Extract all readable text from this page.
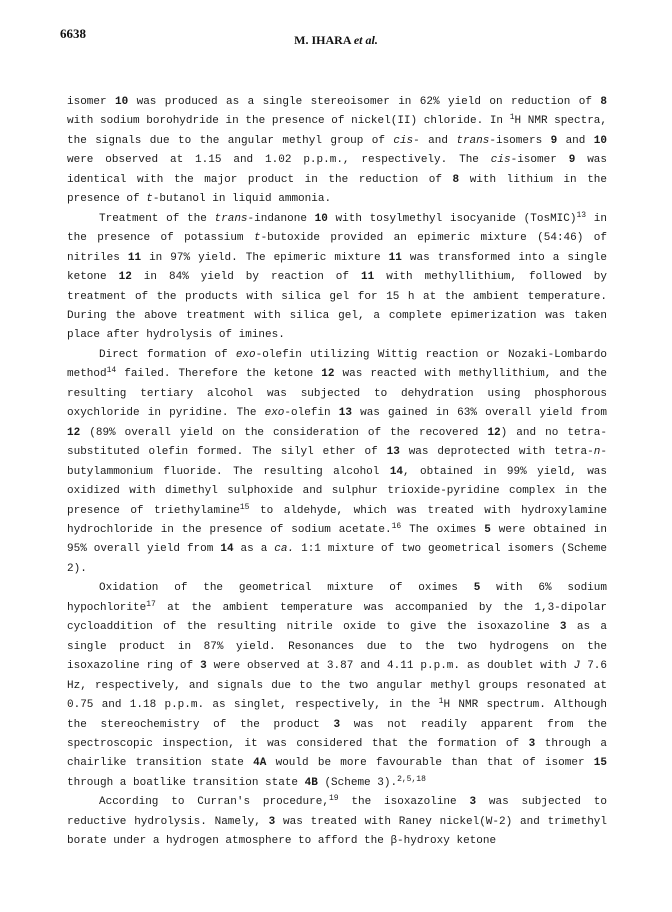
6638	M. IHARA et al.

isomer 10 was produced as a single stereoisomer in 62% yield on reduction of 8 with sodium borohydride in the presence of nickel(II) chloride. In $^1$H NMR spectra, the signals due to the angular methyl group of cis- and trans-isomers 9 and 10 were observed at 1.15 and 1.02 p.p.m., respectively. The cis-isomer 9 was identical with the major product in the reduction of 8 with lithium in the presence of t-butanol in liquid ammonia.

Treatment of the trans-indanone 10 with tosylmethyl isocyanide (TosMIC)$^{13}$ in the presence of potassium t-butoxide provided an epimeric mixture (54:46) of nitriles 11 in 97% yield. The epimeric mixture 11 was transformed into a single ketone 12 in 84% yield by reaction of 11 with methyllithium, followed by treatment of the products with silica gel for 15 h at the ambient temperature. During the above treatment with silica gel, a complete epimerization was taken place after hydrolysis of imines.

Direct formation of exo-olefin utilizing Wittig reaction or Nozaki-Lombardo method$^{14}$ failed. Therefore the ketone 12 was reacted with methyllithium, and the resulting tertiary alcohol was subjected to dehydration using phosphorous oxychloride in pyridine. The exo-olefin 13 was gained in 63% overall yield from 12 (89% overall yield on the consideration of the recovered 12) and no tetra-substituted olefin formed. The silyl ether of 13 was deprotected with tetra-n-butylammonium fluoride. The resulting alcohol 14, obtained in 99% yield, was oxidized with dimethyl sulphoxide and sulphur trioxide-pyridine complex in the presence of triethylamine$^{15}$ to aldehyde, which was treated with hydroxylamine hydrochloride in the presence of sodium acetate.$^{16}$ The oximes 5 were obtained in 95% overall yield from 14 as a ca. 1:1 mixture of two geometrical isomers (Scheme 2).

Oxidation of the geometrical mixture of oximes 5 with 6% sodium hypochlorite$^{17}$ at the ambient temperature was accompanied by the 1,3-dipolar cycloaddition of the resulting nitrile oxide to give the isoxazoline 3 as a single product in 87% yield. Resonances due to the two hydrogens on the isoxazoline ring of 3 were observed at 3.87 and 4.11 p.p.m. as doublet with J 7.6 Hz, respectively, and signals due to the two angular methyl groups resonated at 0.75 and 1.18 p.p.m. as singlet, respectively, in the $^1$H NMR spectrum. Although the stereochemistry of the product 3 was not readily apparent from the spectroscopic inspection, it was considered that the formation of 3 through a chairlike transition state 4A would be more favourable than that of isomer 15 through a boatlike transition state 4B (Scheme 3).$^{2,5,18}$

According to Curran's procedure,$^{19}$ the isoxazoline 3 was subjected to reductive hydrolysis. Namely, 3 was treated with Raney nickel(W-2) and trimethyl borate under a hydrogen atmosphere to afford the β-hydroxy ketone
